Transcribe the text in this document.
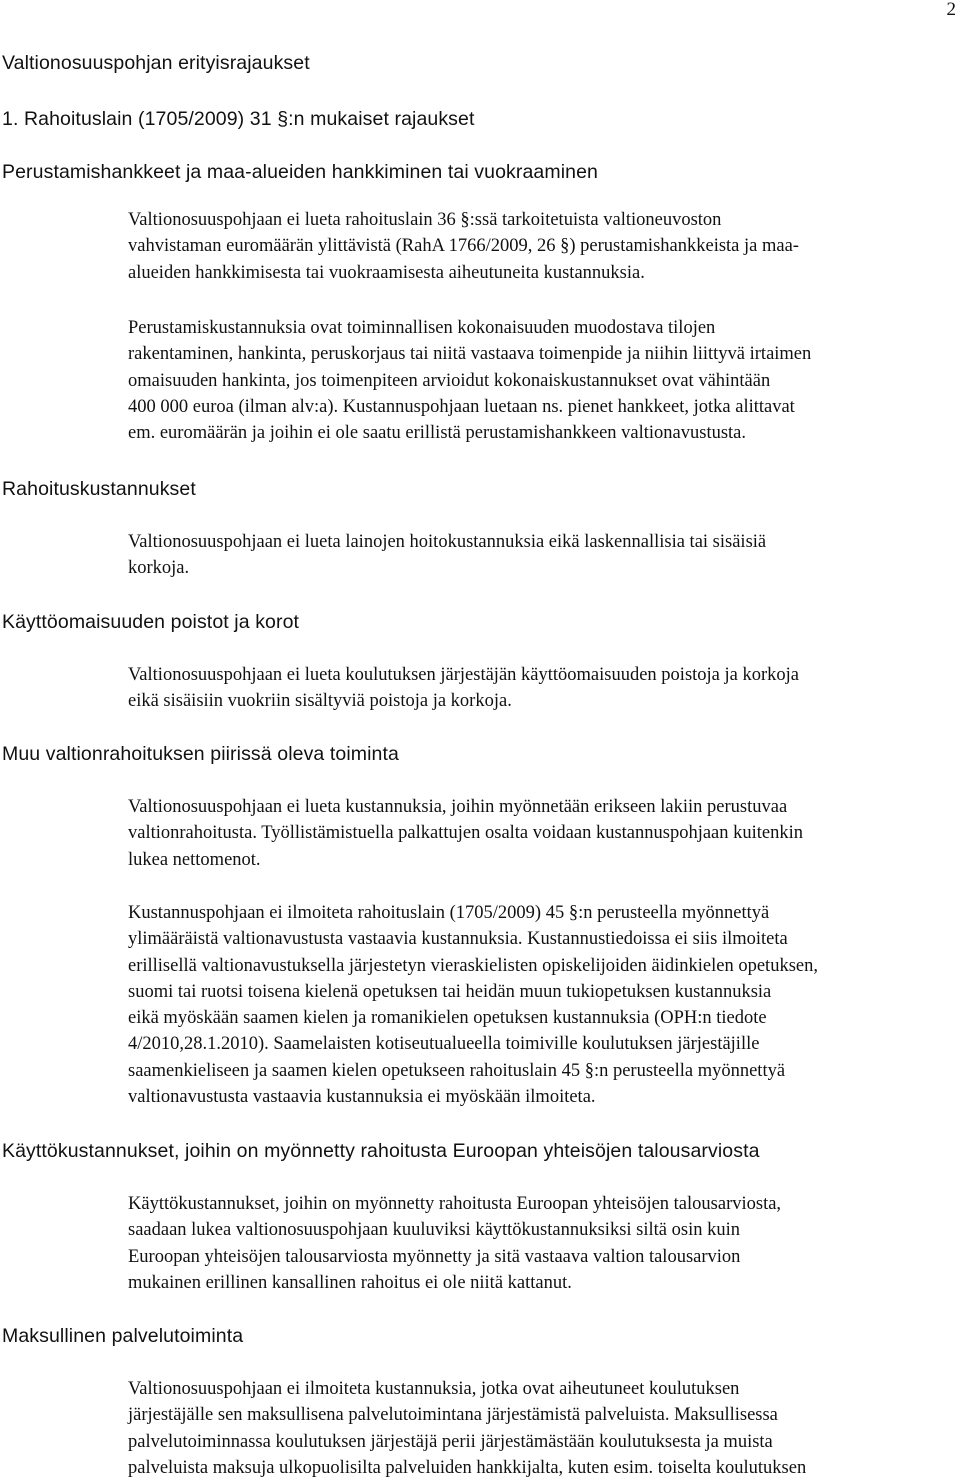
2
Valtionosuuspohjan erityisrajaukset
1. Rahoituslain (1705/2009) 31 §:n mukaiset rajaukset
Perustamishankkeet ja maa-alueiden hankkiminen tai vuokraaminen
Valtionosuuspohjaan ei lueta rahoituslain 36 §:ssä tarkoitetuista valtioneuvoston
vahvistaman euromäärän ylittävistä (RahA 1766/2009, 26 §) perustamishankkeista ja maa-
alueiden hankkimisesta tai vuokraamisesta aiheutuneita kustannuksia.
Perustamiskustannuksia ovat toiminnallisen kokonaisuuden muodostava tilojen
rakentaminen, hankinta, peruskorjaus tai niitä vastaava toimenpide ja niihin liittyvä irtaimen
omaisuuden hankinta, jos toimenpiteen arvioidut kokonaiskustannukset ovat vähintään
400 000 euroa (ilman alv:a). Kustannuspohjaan luetaan ns. pienet hankkeet, jotka alittavat
em. euromäärän ja joihin ei ole saatu erillistä perustamishankkeen valtionavustusta.
Rahoituskustannukset
Valtionosuuspohjaan ei lueta lainojen hoitokustannuksia eikä laskennallisia tai sisäisiä
korkoja.
Käyttöomaisuuden poistot ja korot
Valtionosuuspohjaan ei lueta koulutuksen järjestäjän käyttöomaisuuden poistoja ja korkoja
eikä sisäisiin vuokriin sisältyviä poistoja ja korkoja.
Muu valtionrahoituksen piirissä oleva toiminta
Valtionosuuspohjaan ei lueta kustannuksia, joihin myönnetään erikseen lakiin perustuvaa
valtionrahoitusta. Työllistämistuella palkattujen osalta voidaan kustannuspohjaan kuitenkin
lukea nettomenot.
Kustannuspohjaan ei ilmoiteta rahoituslain (1705/2009) 45 §:n perusteella myönnettyä
ylimääräistä valtionavustusta vastaavia kustannuksia. Kustannustiedoissa ei siis ilmoiteta
erillisellä valtionavustuksella järjestetyn vieraskielisten opiskelijoiden äidinkielen opetuksen,
suomi tai ruotsi toisena kielenä opetuksen tai heidän muun tukiopetuksen kustannuksia
eikä myöskään saamen kielen ja romanikielen opetuksen kustannuksia (OPH:n tiedote
4/2010,28.1.2010). Saamelaisten kotiseutualueella toimiville koulutuksen järjestäjille
saamenkieliseen ja saamen kielen opetukseen rahoituslain 45 §:n perusteella myönnettyä
valtionavustusta vastaavia kustannuksia ei myöskään ilmoiteta.
Käyttökustannukset, joihin on myönnetty rahoitusta Euroopan yhteisöjen talousarviosta
Käyttökustannukset, joihin on myönnetty rahoitusta Euroopan yhteisöjen talousarviosta,
saadaan lukea valtionosuuspohjaan kuuluviksi käyttökustannuksiksi siltä osin kuin
Euroopan yhteisöjen talousarviosta myönnetty ja sitä vastaava valtion talousarvion
mukainen erillinen kansallinen rahoitus ei ole niitä kattanut.
Maksullinen palvelutoiminta
Valtionosuuspohjaan ei ilmoiteta kustannuksia, jotka ovat aiheutuneet koulutuksen
järjestäjälle sen maksullisena palvelutoimintana järjestämistä palveluista. Maksullisessa
palvelutoiminnassa koulutuksen järjestäjä perii järjestämästään koulutuksesta ja muista
palveluista maksuja ulkopuolisilta palveluiden hankkijalta, kuten esim. toiselta koulutuksen
